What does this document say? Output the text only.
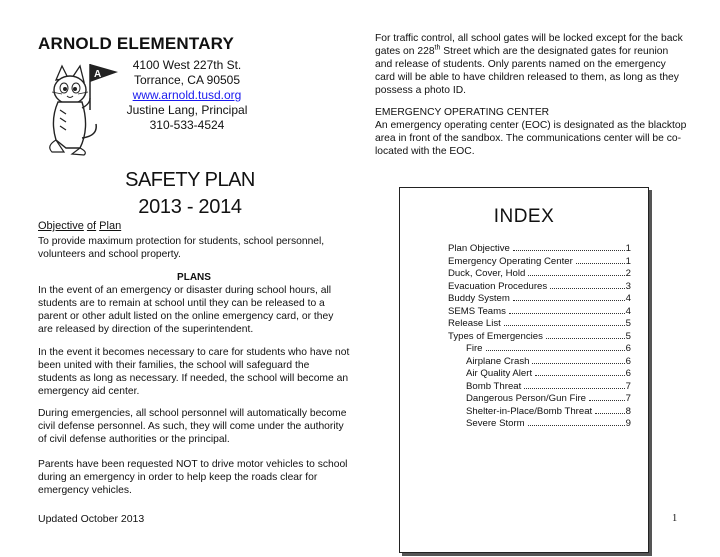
ARNOLD ELEMENTARY
A
4100 West 227th St.
Torrance, CA 90505
www.arnold.tusd.org
Justine Lang, Principal
310-533-4524
SAFETY PLAN
2013 - 2014
Objective of Plan
To provide maximum protection for students, school personnel, volunteers and school property.
PLANS
In the event of an emergency or disaster during school hours, all students are to remain at school until they can be released to a parent or other adult listed on the online emergency card, or they are released by direction of the superintendent.
In the event it becomes necessary to care for students who have not been united with their families, the school will safeguard the students as long as necessary. If needed, the school will become an emergency aid center.
During emergencies, all school personnel will automatically become civil defense personnel. As such, they will come under the authority of civil defense authorities or the principal.
Parents have been requested NOT to drive motor vehicles to school during an emergency in order to help keep the roads clear for emergency vehicles.
Updated October 2013
For traffic control, all school gates will be locked except for the back gates on 228th Street which are the designated gates for reunion and release of students. Only parents named on the emergency card will be able to have children released to them, as long as they possess a photo ID.
EMERGENCY OPERATING CENTER
An emergency operating center (EOC) is designated as the blacktop area in front of the sandbox. The communications center will be co-located with the EOC.
INDEX
Plan Objective	1
Emergency Operating Center	1
Duck, Cover, Hold	2
Evacuation Procedures	3
Buddy System	4
SEMS Teams	4
Release List	5
Types of Emergencies	5
Fire	6
Airplane Crash	6
Air Quality Alert	6
Bomb Threat	7
Dangerous Person/Gun Fire	7
Shelter-in-Place/Bomb Threat	8
Severe Storm	9
1
